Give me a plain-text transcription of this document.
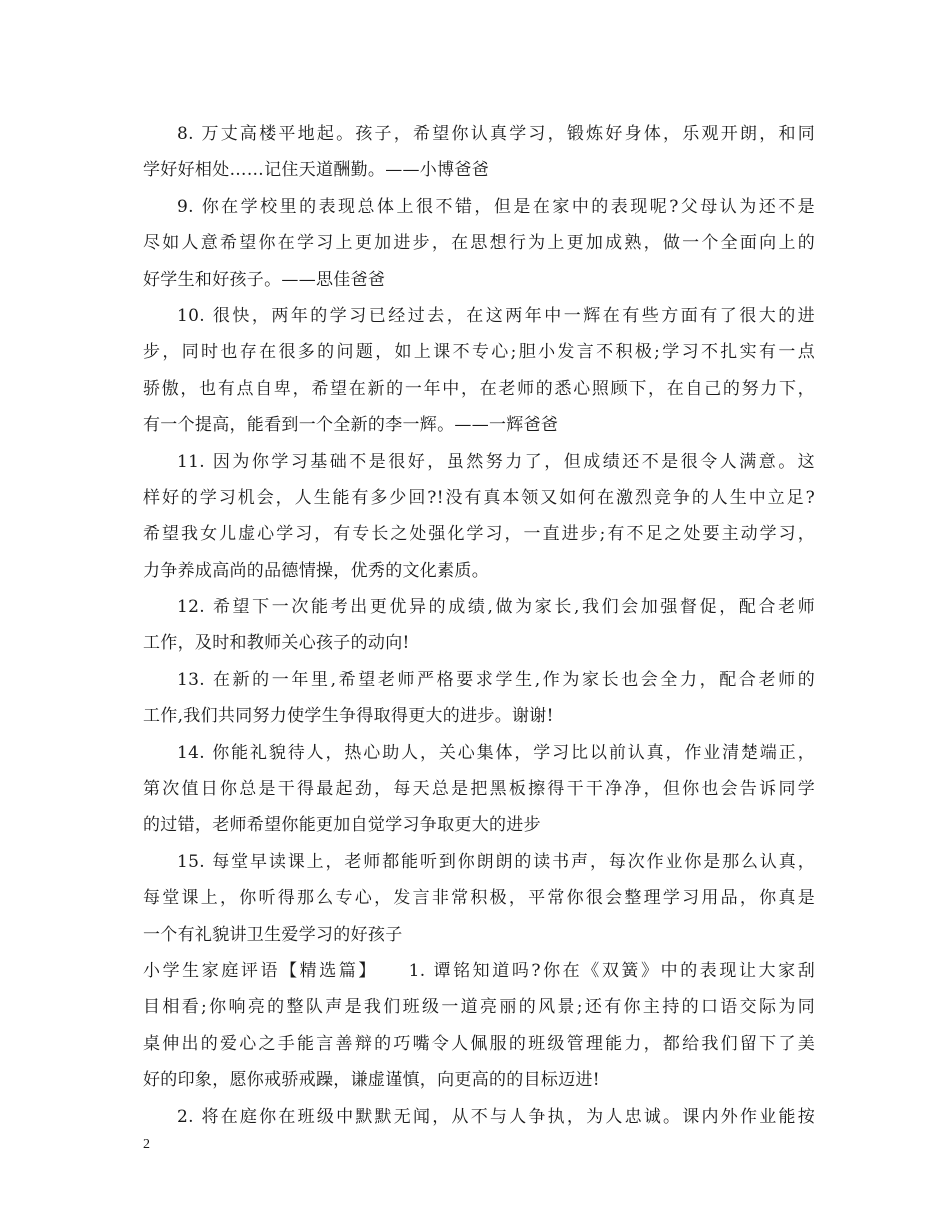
8. 万丈高楼平地起。孩子，希望你认真学习，锻炼好身体，乐观开朗，和同
学好好相处……记住天道酬勤。——小博爸爸
9. 你在学校里的表现总体上很不错，但是在家中的表现呢?父母认为还不是
尽如人意希望你在学习上更加进步，在思想行为上更加成熟，做一个全面向上的
好学生和好孩子。——思佳爸爸
10. 很快，两年的学习已经过去，在这两年中一辉在有些方面有了很大的进
步，同时也存在很多的问题，如上课不专心;胆小发言不积极;学习不扎实有一点
骄傲，也有点自卑，希望在新的一年中，在老师的悉心照顾下，在自己的努力下，
有一个提高，能看到一个全新的李一辉。——一辉爸爸
11. 因为你学习基础不是很好，虽然努力了，但成绩还不是很令人满意。这
样好的学习机会，人生能有多少回?!没有真本领又如何在激烈竞争的人生中立足?
希望我女儿虚心学习，有专长之处强化学习，一直进步;有不足之处要主动学习，
力争养成高尚的品德情操，优秀的文化素质。
12. 希望下一次能考出更优异的成绩,做为家长,我们会加强督促，配合老师
工作，及时和教师关心孩子的动向!
13. 在新的一年里,希望老师严格要求学生,作为家长也会全力，配合老师的
工作,我们共同努力使学生争得取得更大的进步。谢谢!
14. 你能礼貌待人，热心助人，关心集体，学习比以前认真，作业清楚端正，
第次值日你总是干得最起劲，每天总是把黑板擦得干干净净，但你也会告诉同学
的过错，老师希望你能更加自觉学习争取更大的进步
15. 每堂早读课上，老师都能听到你朗朗的读书声，每次作业你是那么认真，
每堂课上，你听得那么专心，发言非常积极，平常你很会整理学习用品，你真是
一个有礼貌讲卫生爱学习的好孩子
小学生家庭评语【精选篇】　　1. 谭铭知道吗?你在《双簧》中的表现让大家刮
目相看;你响亮的整队声是我们班级一道亮丽的风景;还有你主持的口语交际为同
桌伸出的爱心之手能言善辩的巧嘴令人佩服的班级管理能力，都给我们留下了美
好的印象，愿你戒骄戒躁，谦虚谨慎，向更高的的目标迈进!
2. 将在庭你在班级中默默无闻，从不与人争执，为人忠诚。课内外作业能按
2
